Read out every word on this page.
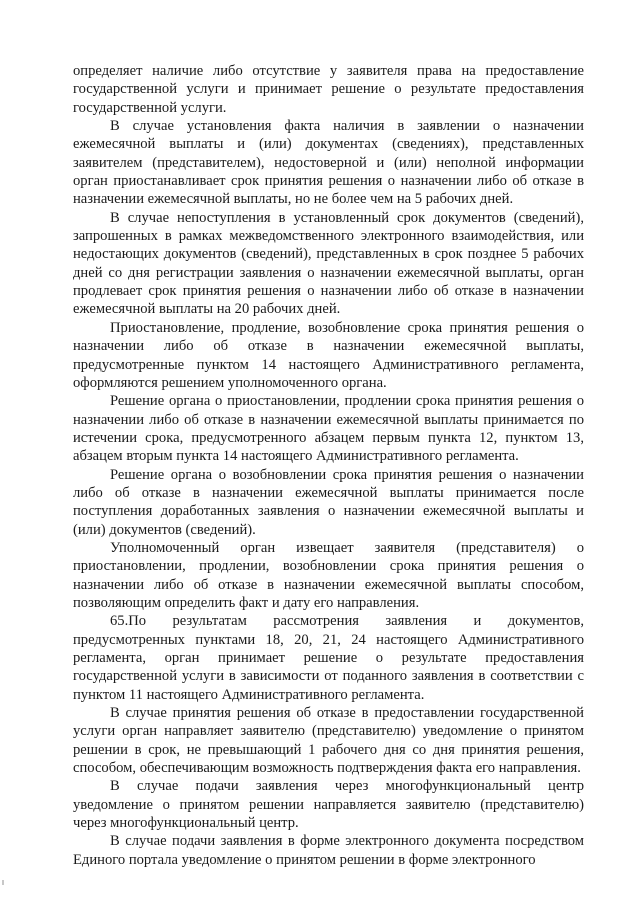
определяет наличие либо отсутствие у заявителя права на предоставление государственной услуги и принимает решение о результате предоставления государственной услуги.

В случае установления факта наличия в заявлении о назначении ежемесячной выплаты и (или) документах (сведениях), представленных заявителем (представителем), недостоверной и (или) неполной информации орган приостанавливает срок принятия решения о назначении либо об отказе в назначении ежемесячной выплаты, но не более чем на 5 рабочих дней.

В случае непоступления в установленный срок документов (сведений), запрошенных в рамках межведомственного электронного взаимодействия, или недостающих документов (сведений), представленных в срок позднее 5 рабочих дней со дня регистрации заявления о назначении ежемесячной выплаты, орган продлевает срок принятия решения о назначении либо об отказе в назначении ежемесячной выплаты на 20 рабочих дней.

Приостановление, продление, возобновление срока принятия решения о назначении либо об отказе в назначении ежемесячной выплаты, предусмотренные пунктом 14 настоящего Административного регламента, оформляются решением уполномоченного органа.

Решение органа о приостановлении, продлении срока принятия решения о назначении либо об отказе в назначении ежемесячной выплаты принимается по истечении срока, предусмотренного абзацем первым пункта 12, пунктом 13, абзацем вторым пункта 14 настоящего Административного регламента.

Решение органа о возобновлении срока принятия решения о назначении либо об отказе в назначении ежемесячной выплаты принимается после поступления доработанных заявления о назначении ежемесячной выплаты и (или) документов (сведений).

Уполномоченный орган извещает заявителя (представителя) о приостановлении, продлении, возобновлении срока принятия решения о назначении либо об отказе в назначении ежемесячной выплаты способом, позволяющим определить факт и дату его направления.

65.По результатам рассмотрения заявления и документов, предусмотренных пунктами 18, 20, 21, 24 настоящего Административного регламента, орган принимает решение о результате предоставления государственной услуги в зависимости от поданного заявления в соответствии с пунктом 11 настоящего Административного регламента.

В случае принятия решения об отказе в предоставлении государственной услуги орган направляет заявителю (представителю) уведомление о принятом решении в срок, не превышающий 1 рабочего дня со дня принятия решения, способом, обеспечивающим возможность подтверждения факта его направления.

В случае подачи заявления через многофункциональный центр уведомление о принятом решении направляется заявителю (представителю) через многофункциональный центр.

В случае подачи заявления в форме электронного документа посредством Единого портала уведомление о принятом решении в форме электронного
